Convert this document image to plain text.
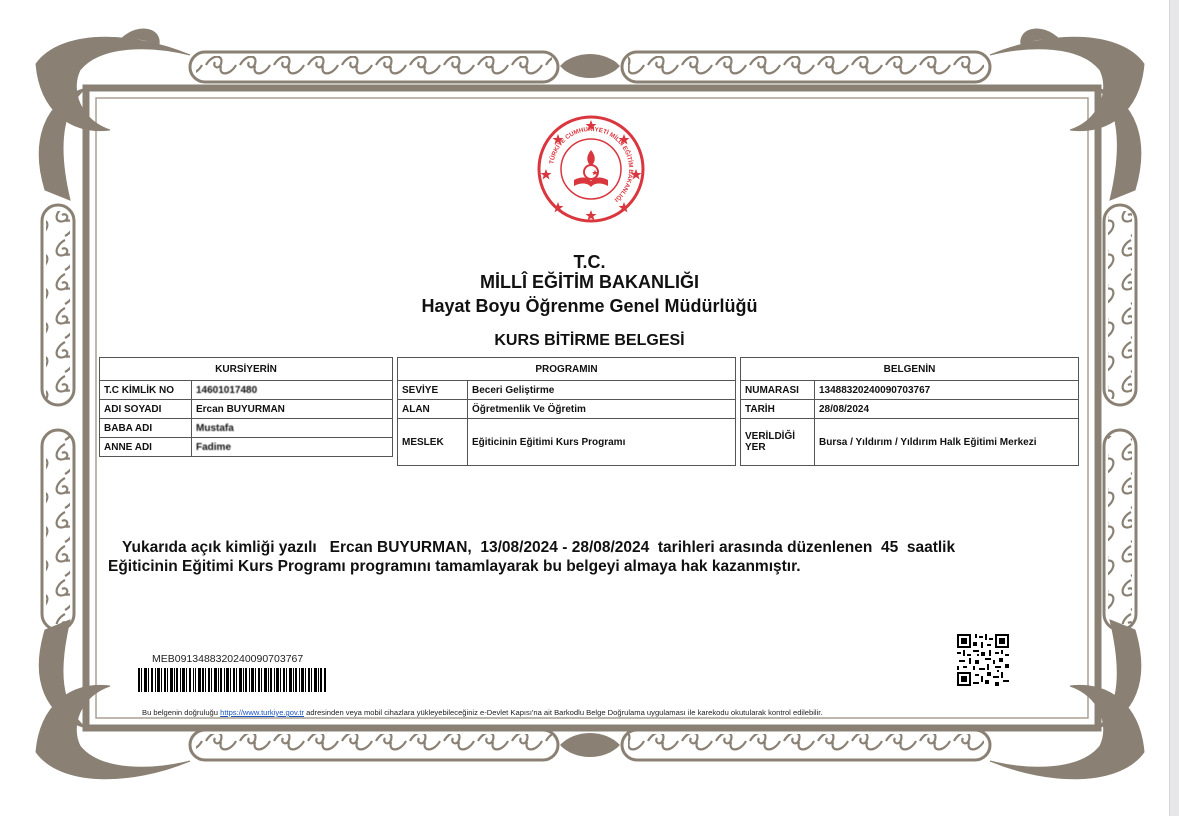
TÜRKİYE CUMHURİYETİ MİLLÎ EĞİTİM BAKANLIĞI
T.C.
MİLLÎ EĞİTİM BAKANLIĞI
Hayat Boyu Öğrenme Genel Müdürlüğü
KURS BİTİRME BELGESİ
KURSİYERİN	
T.C KİMLİK NO	14601017480
ADI SOYADI	Ercan BUYURMAN
BABA ADI	Mustafa
ANNE ADI	Fadime
PROGRAMIN	
SEVİYE	Beceri Geliştirme
ALAN	Öğretmenlik Ve Öğretim
MESLEK	Eğiticinin Eğitimi Kurs Programı
BELGENİN	
NUMARASI	13488320240090703767
TARİH	28/08/2024
VERİLDİĞİ YER	Bursa / Yıldırım / Yıldırım Halk Eğitimi Merkezi
Yukarıda açık kimliği yazılı   Ercan BUYURMAN,  13/08/2024 - 28/08/2024  tarihleri arasında düzenlenen  45  saatlik
Eğiticinin Eğitimi Kurs Programı programını tamamlayarak bu belgeyi almaya hak kazanmıştır.
MEB0913488320240090703767
Bu belgenin doğruluğu https://www.turkiye.gov.tr adresinden veya mobil cihazlara yükleyebileceğiniz e-Devlet Kapısı'na ait Barkodlu Belge Doğrulama uygulaması ile karekodu okutularak kontrol edilebilir.
